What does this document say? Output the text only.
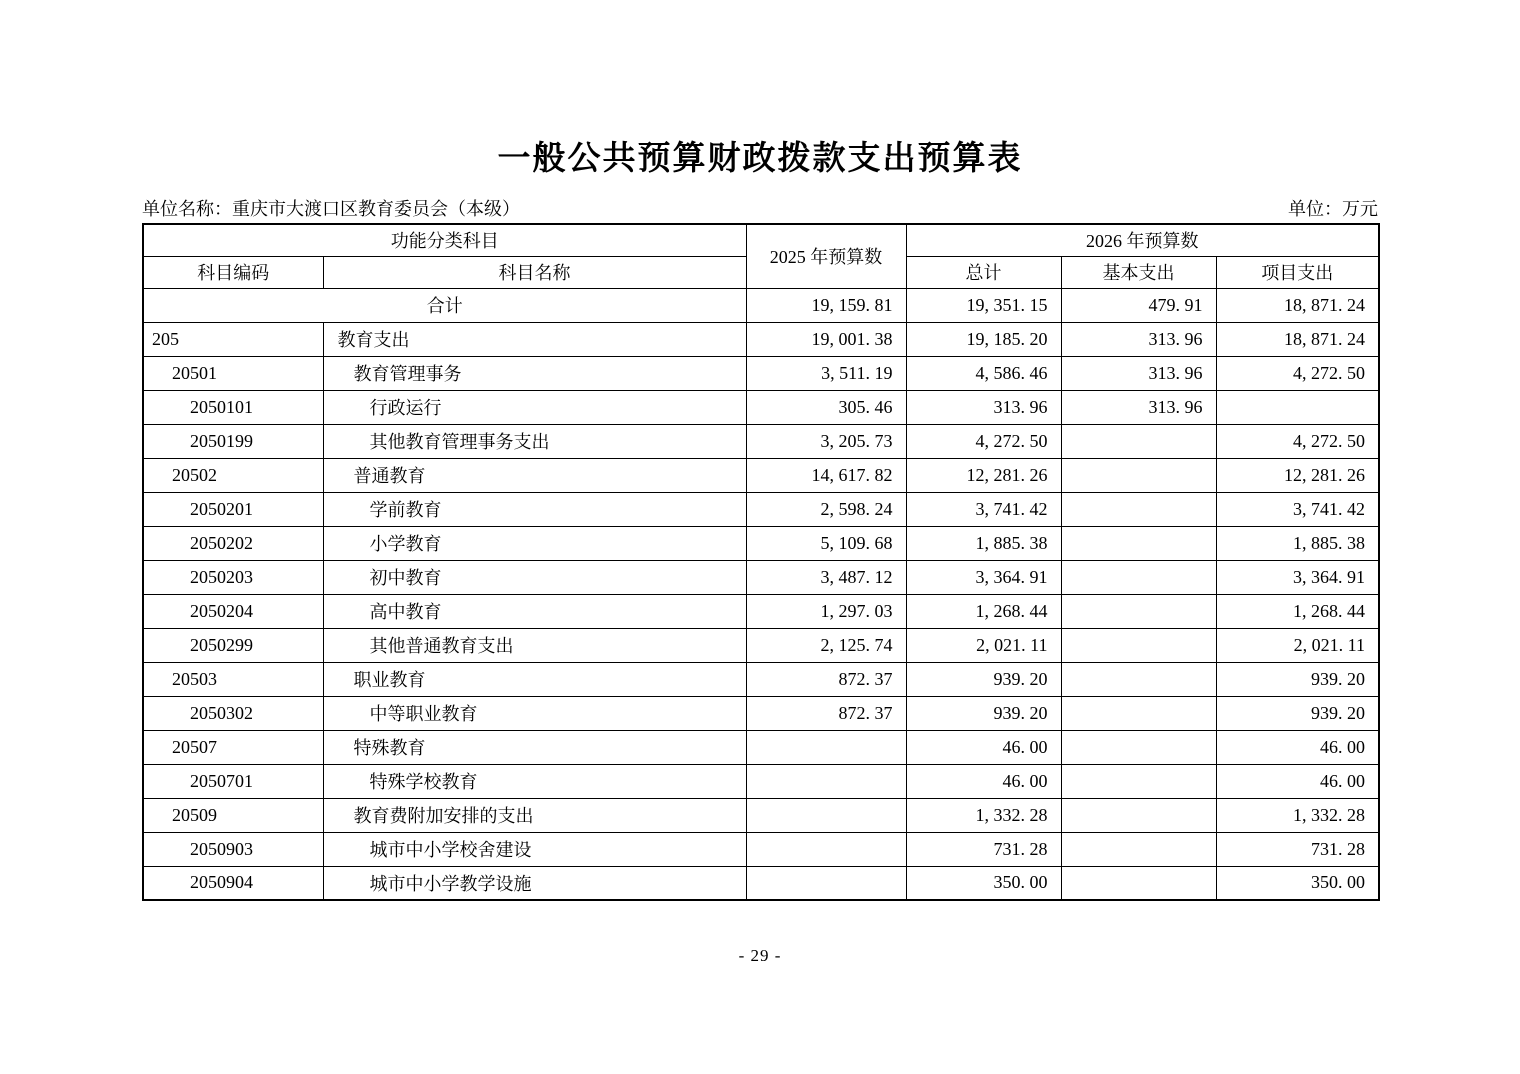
一般公共预算财政拨款支出预算表
单位名称：重庆市大渡口区教育委员会（本级）	单位：万元
功能分类科目		2025 年预算数	2026 年预算数		
科目编码	科目名称		总计	基本支出	项目支出
合计		19, 159. 81	19, 351. 15	479. 91	18, 871. 24
205	教育支出	19, 001. 38	19, 185. 20	313. 96	18, 871. 24
20501	教育管理事务	3, 511. 19	4, 586. 46	313. 96	4, 272. 50
2050101	行政运行	305. 46	313. 96	313. 96	
2050199	其他教育管理事务支出	3, 205. 73	4, 272. 50		4, 272. 50
20502	普通教育	14, 617. 82	12, 281. 26		12, 281. 26
2050201	学前教育	2, 598. 24	3, 741. 42		3, 741. 42
2050202	小学教育	5, 109. 68	1, 885. 38		1, 885. 38
2050203	初中教育	3, 487. 12	3, 364. 91		3, 364. 91
2050204	高中教育	1, 297. 03	1, 268. 44		1, 268. 44
2050299	其他普通教育支出	2, 125. 74	2, 021. 11		2, 021. 11
20503	职业教育	872. 37	939. 20		939. 20
2050302	中等职业教育	872. 37	939. 20		939. 20
20507	特殊教育		46. 00		46. 00
2050701	特殊学校教育		46. 00		46. 00
20509	教育费附加安排的支出		1, 332. 28		1, 332. 28
2050903	城市中小学校舍建设		731. 28		731. 28
2050904	城市中小学教学设施		350. 00		350. 00
- 29 -
